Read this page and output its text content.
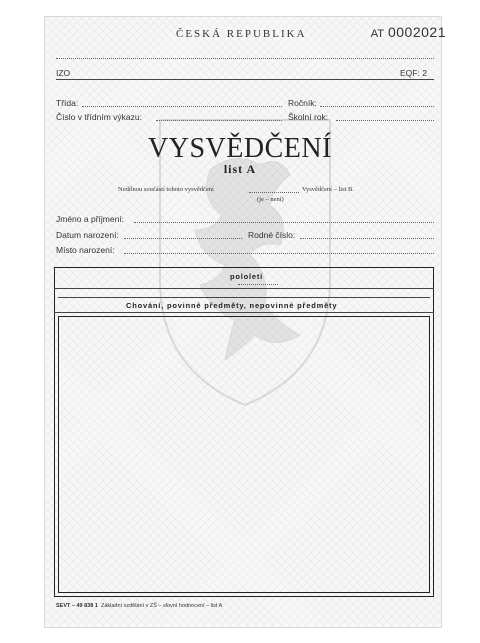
ČESKÁ REPUBLIKA	AT 0002021
IZO	EQF: 2
Třída:	Ročník:
Číslo v třídním výkazu:	Školní rok:
VYSVĚDČENÍ
list A
Nedílnou součástí tohoto vysvědčení	Vysvědčení – list B.
(je – není)
Jméno a příjmení:
Datum narození:	Rodné číslo:
Místo narození:
pololetí
Chování, povinné předměty, nepovinné předměty
SEVT – 49 838 1 Základní vzdělání v ZŠ – slovní hodnocení – list A
